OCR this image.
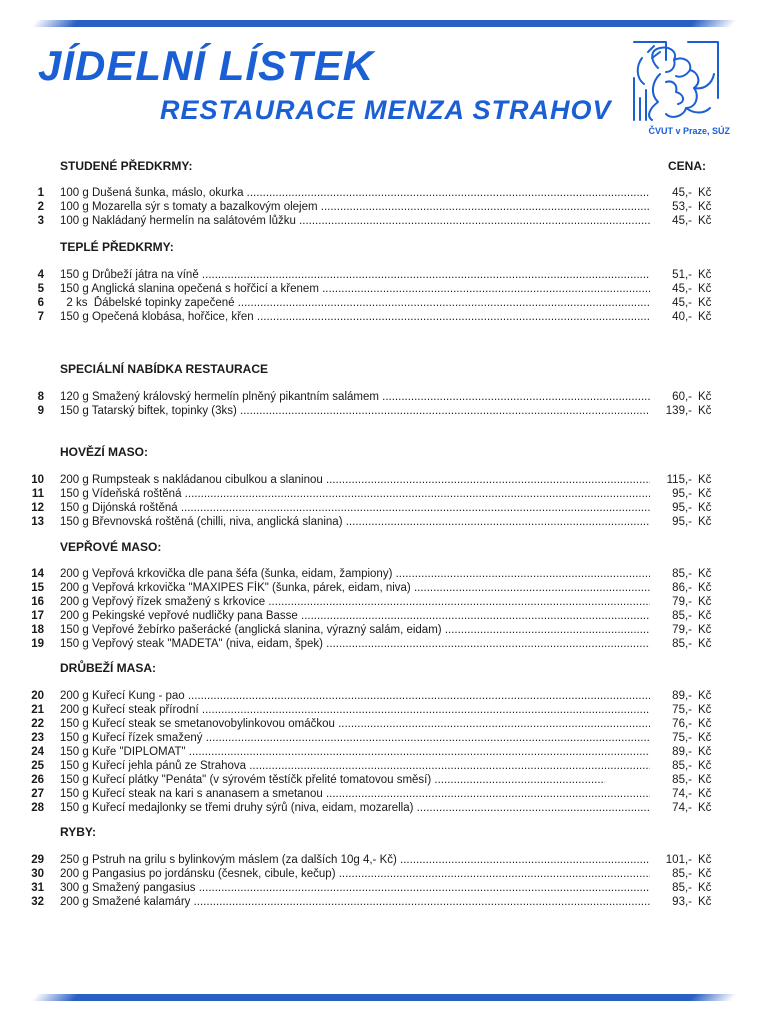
JÍDELNÍ LÍSTEK
RESTAURACE MENZA STRAHOV
ČVUT v Praze, SÚZ
STUDENÉ PŘEDKRMY:	CENA:
1 100 g Dušená šunka, máslo, okurka .....	45,- Kč
2 100 g Mozarella sýr s tomaty a bazalkovým olejem .....	53,- Kč
3 100 g Nakládaný hermelín na salátovém lůžku .....	45,- Kč
TEPLÉ PŘEDKRMY:
4 150 g Drůbeží játra na víně .....	51,- Kč
5 150 g Anglická slanina opečená s hořčicí a křenem .....	45,- Kč
6 2 ks  Ďábelské topinky zapečené .....	45,- Kč
7 150 g Opečená klobása, hořčice, křen .....	40,- Kč
SPECIÁLNÍ NABÍDKA RESTAURACE
8 120 g Smažený královský hermelín plněný pikantním salámem .....	60,- Kč
9 150 g Tatarský biftek, topinky (3ks) .....	139,- Kč
HOVĚZÍ MASO:
10 200 g Rumpsteak s nakládanou cibulkou a slaninou .....	115,- Kč
11 150 g Vídeňská roštěná .....	95,- Kč
12 150 g Dijónská roštěná .....	95,- Kč
13 150 g Břevnovská roštěná (chilli, niva, anglická slanina) .....	95,- Kč
VEPŘOVÉ MASO:
14 200 g Vepřová krkovička dle pana šéfa (šunka, eidam, žampiony) .....	85,- Kč
15 200 g Vepřová krkovička "MAXIPES FÍK" (šunka, párek, eidam, niva) .....	86,- Kč
16 200 g Vepřový řízek smažený s krkovice .....	79,- Kč
17 200 g Pekingské vepřové nudličky pana Basse .....	85,- Kč
18 150 g Vepřové žebírko pašerácké (anglická slanina, výrazný salám, eidam) .....	79,- Kč
19 150 g Vepřový steak "MADETA" (niva, eidam, špek) .....	85,- Kč
DRŮBEŽÍ MASA:
20 200 g Kuřecí Kung - pao .....	89,- Kč
21 200 g Kuřecí steak přírodní .....	75,- Kč
22 150 g Kuřecí steak se smetanovobylinkovou omáčkou .....	76,- Kč
23 150 g Kuřecí řízek smažený .....	75,- Kč
24 150 g Kuře "DIPLOMAT" .....	89,- Kč
25 150 g Kuřecí jehla pánů ze Strahova .....	85,- Kč
26 150 g Kuřecí plátky "Penáta" (v sýrovém těstíčk přelité tomatovou směsí) .....	85,- Kč
27 150 g Kuřecí steak na kari s ananasem a smetanou .....	74,- Kč
28 150 g Kuřecí medajlonky se třemi druhy sýrů (niva, eidam, mozarella) .....	74,- Kč
RYBY:
29 250 g Pstruh na grilu s bylinkovým máslem (za dalších 10g 4,- Kč) .....	101,- Kč
30 200 g Pangasius po jordánsku (česnek, cibule, kečup) .....	85,- Kč
31 300 g Smažený pangasius .....	85,- Kč
32 200 g Smažené kalamáry .....	93,- Kč
